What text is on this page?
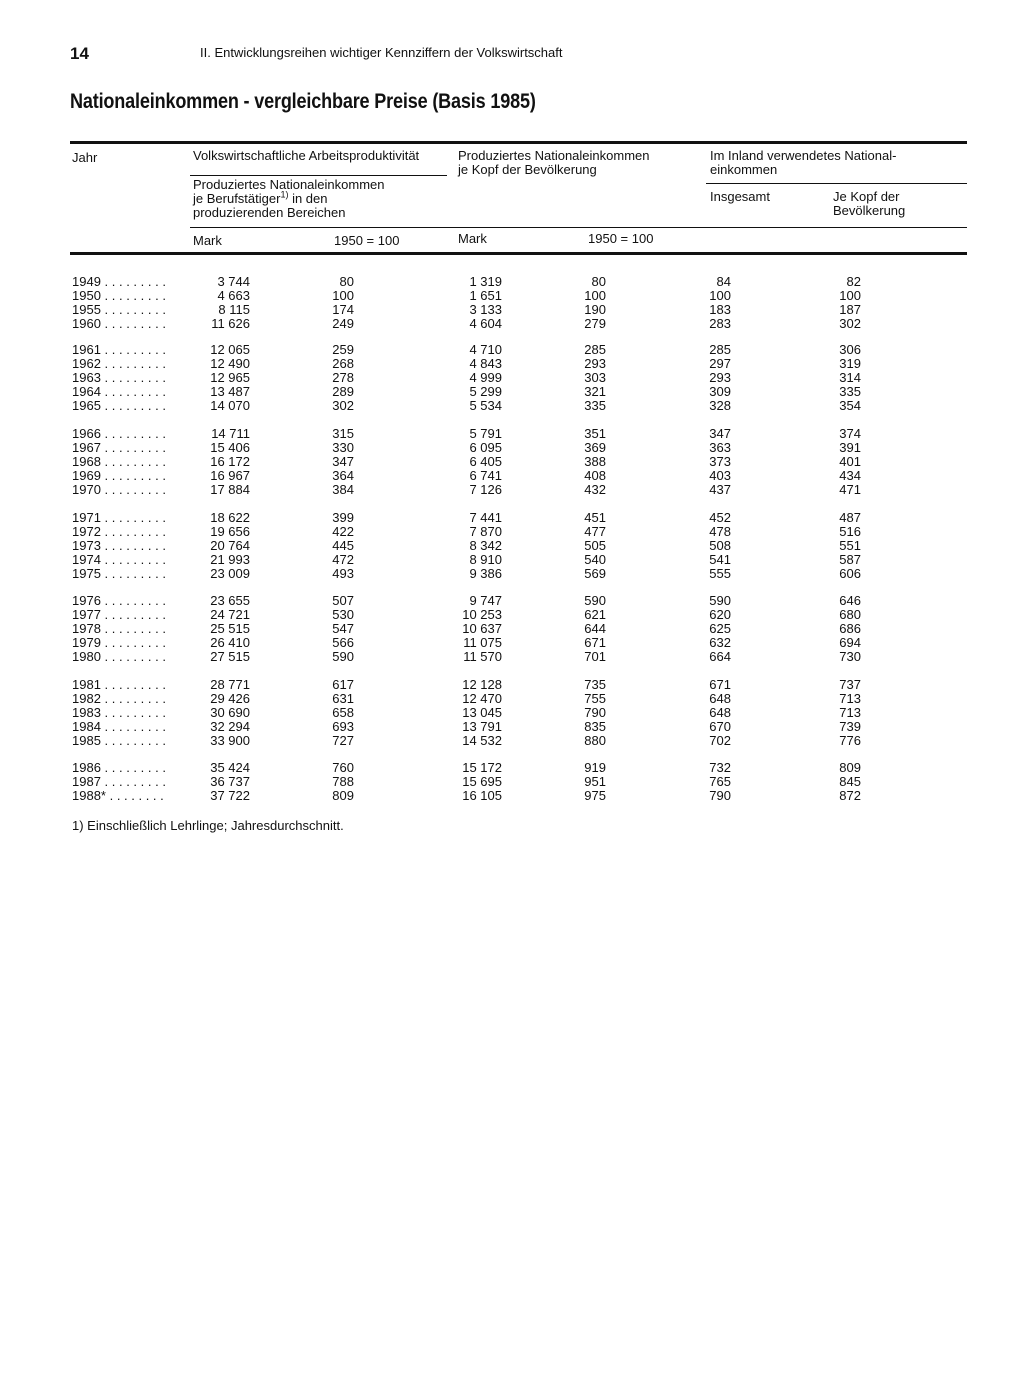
14	II. Entwicklungsreihen wichtiger Kennziffern der Volkswirtschaft
Nationaleinkommen - vergleichbare Preise (Basis 1985)
Jahr	Volkswirtschaftliche Arbeitsproduktivität
Produziertes Nationaleinkommen
je Berufstätiger$^{1)}$ in den
produzierenden Bereichen
Produziertes Nationaleinkommen
je Kopf der Bevölkerung
Im Inland verwendetes National-
einkommen
Insgesamt	Je Kopf der
Bevölkerung
Mark	1950 = 100	Mark	1950 = 100
1949 . . . . . . . . .	3 744	80	1 319	80	84	82
1950 . . . . . . . . .	4 663	100	1 651	100	100	100
1955 . . . . . . . . .	8 115	174	3 133	190	183	187
1960 . . . . . . . . .	11 626	249	4 604	279	283	302
1961 . . . . . . . . .	12 065	259	4 710	285	285	306
1962 . . . . . . . . .	12 490	268	4 843	293	297	319
1963 . . . . . . . . .	12 965	278	4 999	303	293	314
1964 . . . . . . . . .	13 487	289	5 299	321	309	335
1965 . . . . . . . . .	14 070	302	5 534	335	328	354
1966 . . . . . . . . .	14 711	315	5 791	351	347	374
1967 . . . . . . . . .	15 406	330	6 095	369	363	391
1968 . . . . . . . . .	16 172	347	6 405	388	373	401
1969 . . . . . . . . .	16 967	364	6 741	408	403	434
1970 . . . . . . . . .	17 884	384	7 126	432	437	471
1971 . . . . . . . . .	18 622	399	7 441	451	452	487
1972 . . . . . . . . .	19 656	422	7 870	477	478	516
1973 . . . . . . . . .	20 764	445	8 342	505	508	551
1974 . . . . . . . . .	21 993	472	8 910	540	541	587
1975 . . . . . . . . .	23 009	493	9 386	569	555	606
1976 . . . . . . . . .	23 655	507	9 747	590	590	646
1977 . . . . . . . . .	24 721	530	10 253	621	620	680
1978 . . . . . . . . .	25 515	547	10 637	644	625	686
1979 . . . . . . . . .	26 410	566	11 075	671	632	694
1980 . . . . . . . . .	27 515	590	11 570	701	664	730
1981 . . . . . . . . .	28 771	617	12 128	735	671	737
1982 . . . . . . . . .	29 426	631	12 470	755	648	713
1983 . . . . . . . . .	30 690	658	13 045	790	648	713
1984 . . . . . . . . .	32 294	693	13 791	835	670	739
1985 . . . . . . . . .	33 900	727	14 532	880	702	776
1986 . . . . . . . . .	35 424	760	15 172	919	732	809
1987 . . . . . . . . .	36 737	788	15 695	951	765	845
1988* . . . . . . . .	37 722	809	16 105	975	790	872
1) Einschließlich Lehrlinge; Jahresdurchschnitt.
